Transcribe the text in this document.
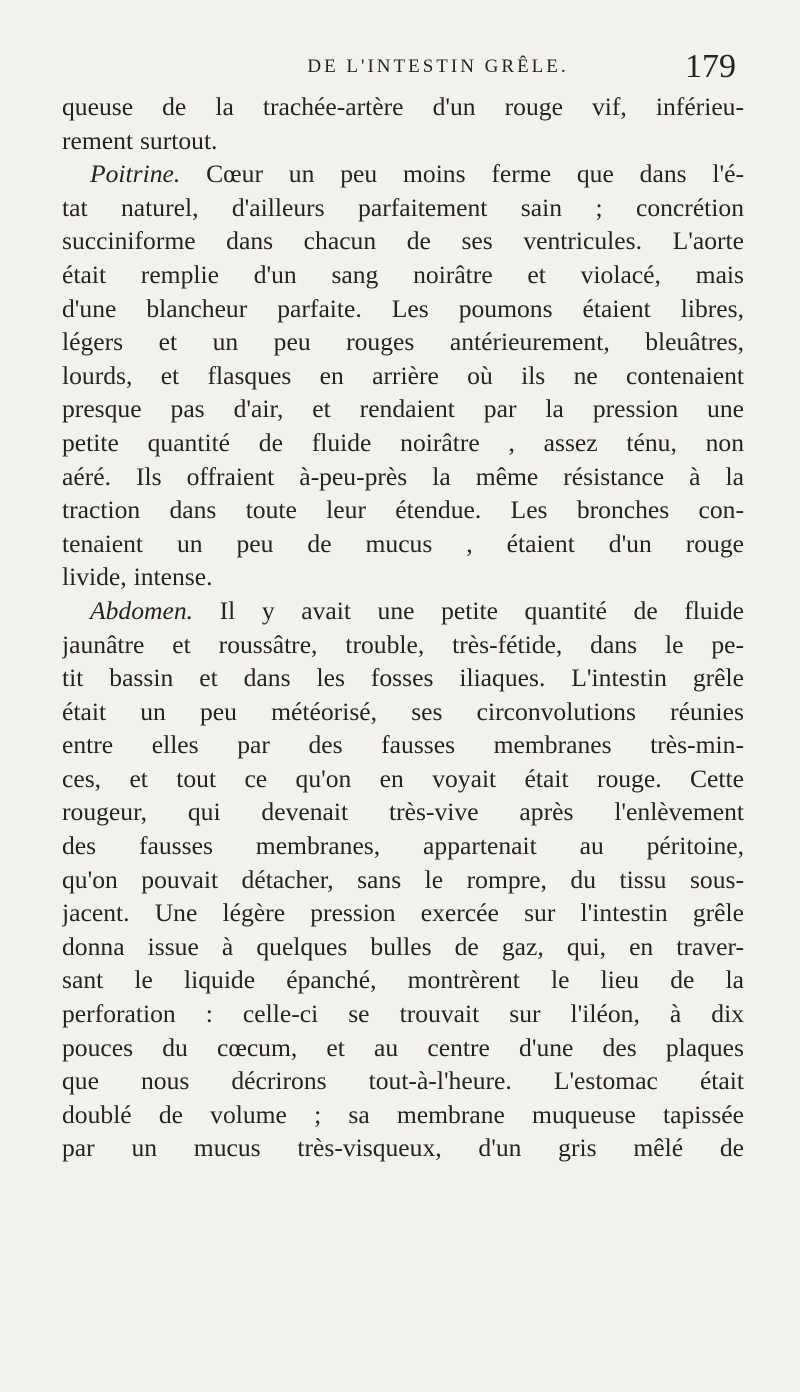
DE L'INTESTIN GRÊLE.	179
queuse de la trachée-artère d'un rouge vif, inférieu-
rement surtout.
Poitrine. Cœur un peu moins ferme que dans l'é-
tat naturel, d'ailleurs parfaitement sain ; concrétion
succiniforme dans chacun de ses ventricules. L'aorte
était remplie d'un sang noirâtre et violacé, mais
d'une blancheur parfaite. Les poumons étaient libres,
légers et un peu rouges antérieurement, bleuâtres,
lourds, et flasques en arrière où ils ne contenaient
presque pas d'air, et rendaient par la pression une
petite quantité de fluide noirâtre , assez ténu, non
aéré. Ils offraient à-peu-près la même résistance à la
traction dans toute leur étendue. Les bronches con-
tenaient un peu de mucus , étaient d'un rouge
livide, intense.
Abdomen. Il y avait une petite quantité de fluide
jaunâtre et roussâtre, trouble, très-fétide, dans le pe-
tit bassin et dans les fosses iliaques. L'intestin grêle
était un peu météorisé, ses circonvolutions réunies
entre elles par des fausses membranes très-min-
ces, et tout ce qu'on en voyait était rouge. Cette
rougeur, qui devenait très-vive après l'enlèvement
des fausses membranes, appartenait au péritoine,
qu'on pouvait détacher, sans le rompre, du tissu sous-
jacent. Une légère pression exercée sur l'intestin grêle
donna issue à quelques bulles de gaz, qui, en traver-
sant le liquide épanché, montrèrent le lieu de la
perforation : celle-ci se trouvait sur l'iléon, à dix
pouces du cœcum, et au centre d'une des plaques
que nous décrirons tout-à-l'heure. L'estomac était
doublé de volume ; sa membrane muqueuse tapissée
par un mucus très-visqueux, d'un gris mêlé de
